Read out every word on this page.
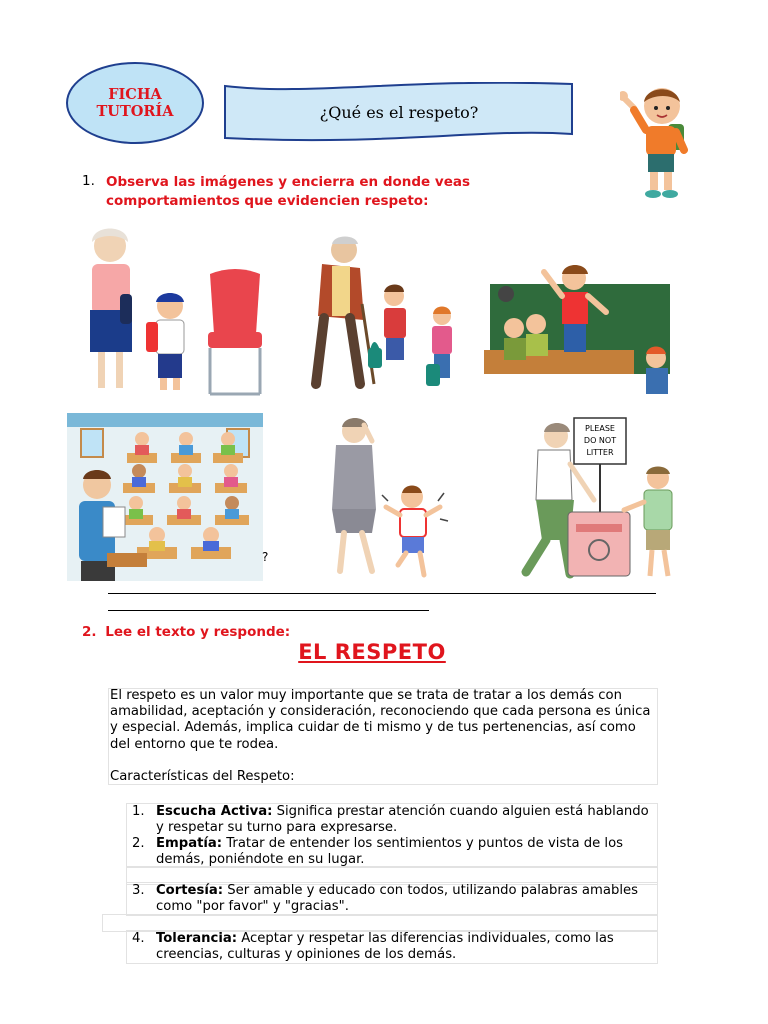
FICHA
TUTORÍA	¿Qué es el respeto?
1. Observa las imágenes y encierra en donde veas
comportamientos que evidencien respeto:
PLEASE
DO NOT
LITTER
?
2. Lee el texto y responde:
EL RESPETO
El respeto es un valor muy importante que se trata de tratar a los demás con amabilidad, aceptación y consideración, reconociendo que cada persona es única y especial. Además, implica cuidar de ti mismo y de tus pertenencias, así como del entorno que te rodea.
Características del Respeto:
1. Escucha Activa: Significa prestar atención cuando alguien está hablando y respetar su turno para expresarse.
2. Empatía: Tratar de entender los sentimientos y puntos de vista de los demás, poniéndote en su lugar.
3. Cortesía: Ser amable y educado con todos, utilizando palabras amables como "por favor" y "gracias".
4. Tolerancia: Aceptar y respetar las diferencias individuales, como las creencias, culturas y opiniones de los demás.
